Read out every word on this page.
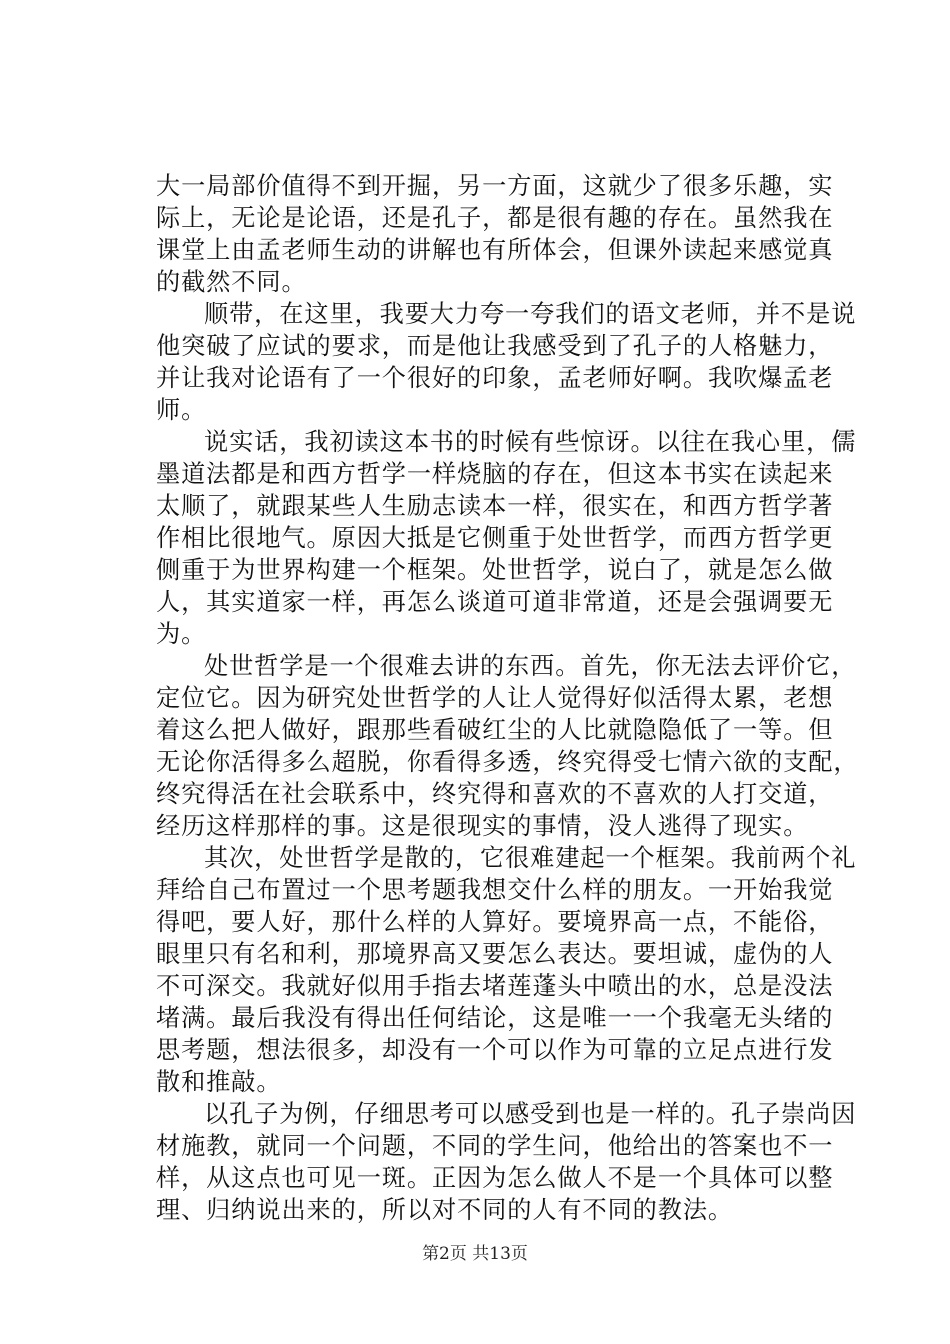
大一局部价值得不到开掘，另一方面，这就少了很多乐趣，实
际上，无论是论语，还是孔子，都是很有趣的存在。虽然我在
课堂上由孟老师生动的讲解也有所体会，但课外读起来感觉真
的截然不同。
顺带，在这里，我要大力夸一夸我们的语文老师，并不是说
他突破了应试的要求，而是他让我感受到了孔子的人格魅力，
并让我对论语有了一个很好的印象，孟老师好啊。我吹爆孟老
师。
说实话，我初读这本书的时候有些惊讶。以往在我心里，儒
墨道法都是和西方哲学一样烧脑的存在，但这本书实在读起来
太顺了，就跟某些人生励志读本一样，很实在，和西方哲学著
作相比很地气。原因大抵是它侧重于处世哲学，而西方哲学更
侧重于为世界构建一个框架。处世哲学，说白了，就是怎么做
人，其实道家一样，再怎么谈道可道非常道，还是会强调要无
为。
处世哲学是一个很难去讲的东西。首先，你无法去评价它，
定位它。因为研究处世哲学的人让人觉得好似活得太累，老想
着这么把人做好，跟那些看破红尘的人比就隐隐低了一等。但
无论你活得多么超脱，你看得多透，终究得受七情六欲的支配，
终究得活在社会联系中，终究得和喜欢的不喜欢的人打交道，
经历这样那样的事。这是很现实的事情，没人逃得了现实。
其次，处世哲学是散的，它很难建起一个框架。我前两个礼
拜给自己布置过一个思考题我想交什么样的朋友。一开始我觉
得吧，要人好，那什么样的人算好。要境界高一点，不能俗，
眼里只有名和利，那境界高又要怎么表达。要坦诚，虚伪的人
不可深交。我就好似用手指去堵莲蓬头中喷出的水，总是没法
堵满。最后我没有得出任何结论，这是唯一一个我毫无头绪的
思考题，想法很多，却没有一个可以作为可靠的立足点进行发
散和推敲。
以孔子为例，仔细思考可以感受到也是一样的。孔子崇尚因
材施教，就同一个问题，不同的学生问，他给出的答案也不一
样，从这点也可见一斑。正因为怎么做人不是一个具体可以整
理、归纳说出来的，所以对不同的人有不同的教法。
第2页 共13页
